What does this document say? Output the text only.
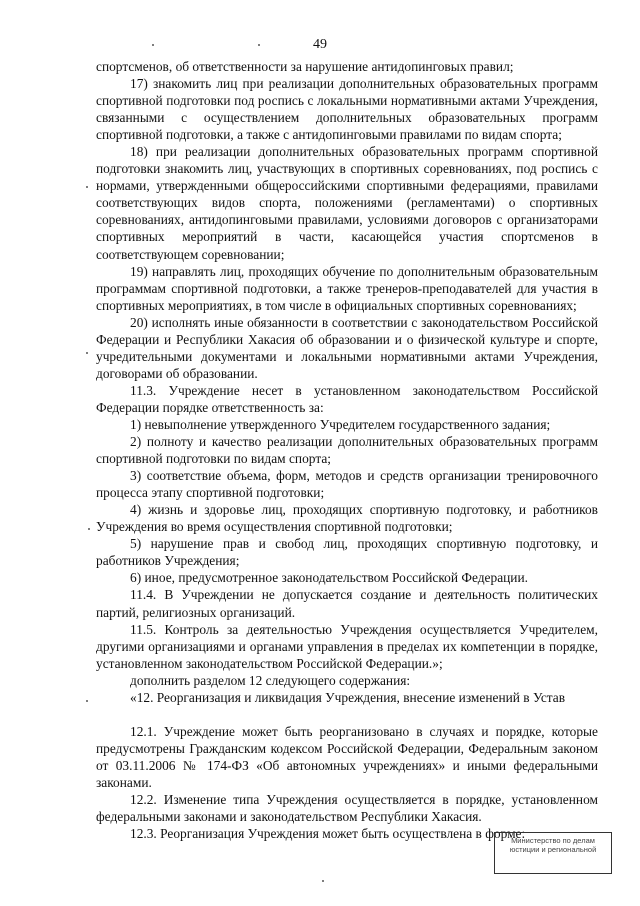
49

спортсменов, об ответственности за нарушение антидопинговых правил;

17) знакомить лиц при реализации дополнительных образовательных программ спортивной подготовки под роспись с локальными нормативными актами Учреждения, связанными с осуществлением дополнительных образовательных программ спортивной подготовки, а также с антидопинговыми правилами по видам спорта;

18) при реализации дополнительных образовательных программ спортивной подготовки знакомить лиц, участвующих в спортивных соревнованиях, под роспись с нормами, утвержденными общероссийскими спортивными федерациями, правилами соответствующих видов спорта, положениями (регламентами) о спортивных соревнованиях, антидопинговыми правилами, условиями договоров с организаторами спортивных мероприятий в части, касающейся участия спортсменов в соответствующем соревновании;

19) направлять лиц, проходящих обучение по дополнительным образовательным программам спортивной подготовки, а также тренеров-преподавателей для участия в спортивных мероприятиях, в том числе в официальных спортивных соревнованиях;

20) исполнять иные обязанности в соответствии с законодательством Российской Федерации и Республики Хакасия об образовании и о физической культуре и спорте, учредительными документами и локальными нормативными актами Учреждения, договорами об образовании.

11.3. Учреждение несет в установленном законодательством Российской Федерации порядке ответственность за:

1) невыполнение утвержденного Учредителем государственного задания;

2) полноту и качество реализации дополнительных образовательных программ спортивной подготовки по видам спорта;

3) соответствие объема, форм, методов и средств организации тренировочного процесса этапу спортивной подготовки;

4) жизнь и здоровье лиц, проходящих спортивную подготовку, и работников Учреждения во время осуществления спортивной подготовки;

5) нарушение прав и свобод лиц, проходящих спортивную подготовку, и работников Учреждения;

6) иное, предусмотренное законодательством Российской Федерации.

11.4. В Учреждении не допускается создание и деятельность политических партий, религиозных организаций.

11.5. Контроль за деятельностью Учреждения осуществляется Учредителем, другими организациями и органами управления в пределах их компетенции в порядке, установленном законодательством Российской Федерации.»;

дополнить разделом 12 следующего содержания:

«12. Реорганизация и ликвидация Учреждения, внесение изменений в Устав

12.1. Учреждение может быть реорганизовано в случаях и порядке, которые предусмотрены Гражданским кодексом Российской Федерации, Федеральным законом от 03.11.2006 № 174-ФЗ «Об автономных учреждениях» и иными федеральными законами.

12.2. Изменение типа Учреждения осуществляется в порядке, установленном федеральными законами и законодательством Республики Хакасия.

12.3. Реорганизация Учреждения может быть осуществлена в форме:

Министерство по делам
юстиции и региональной
